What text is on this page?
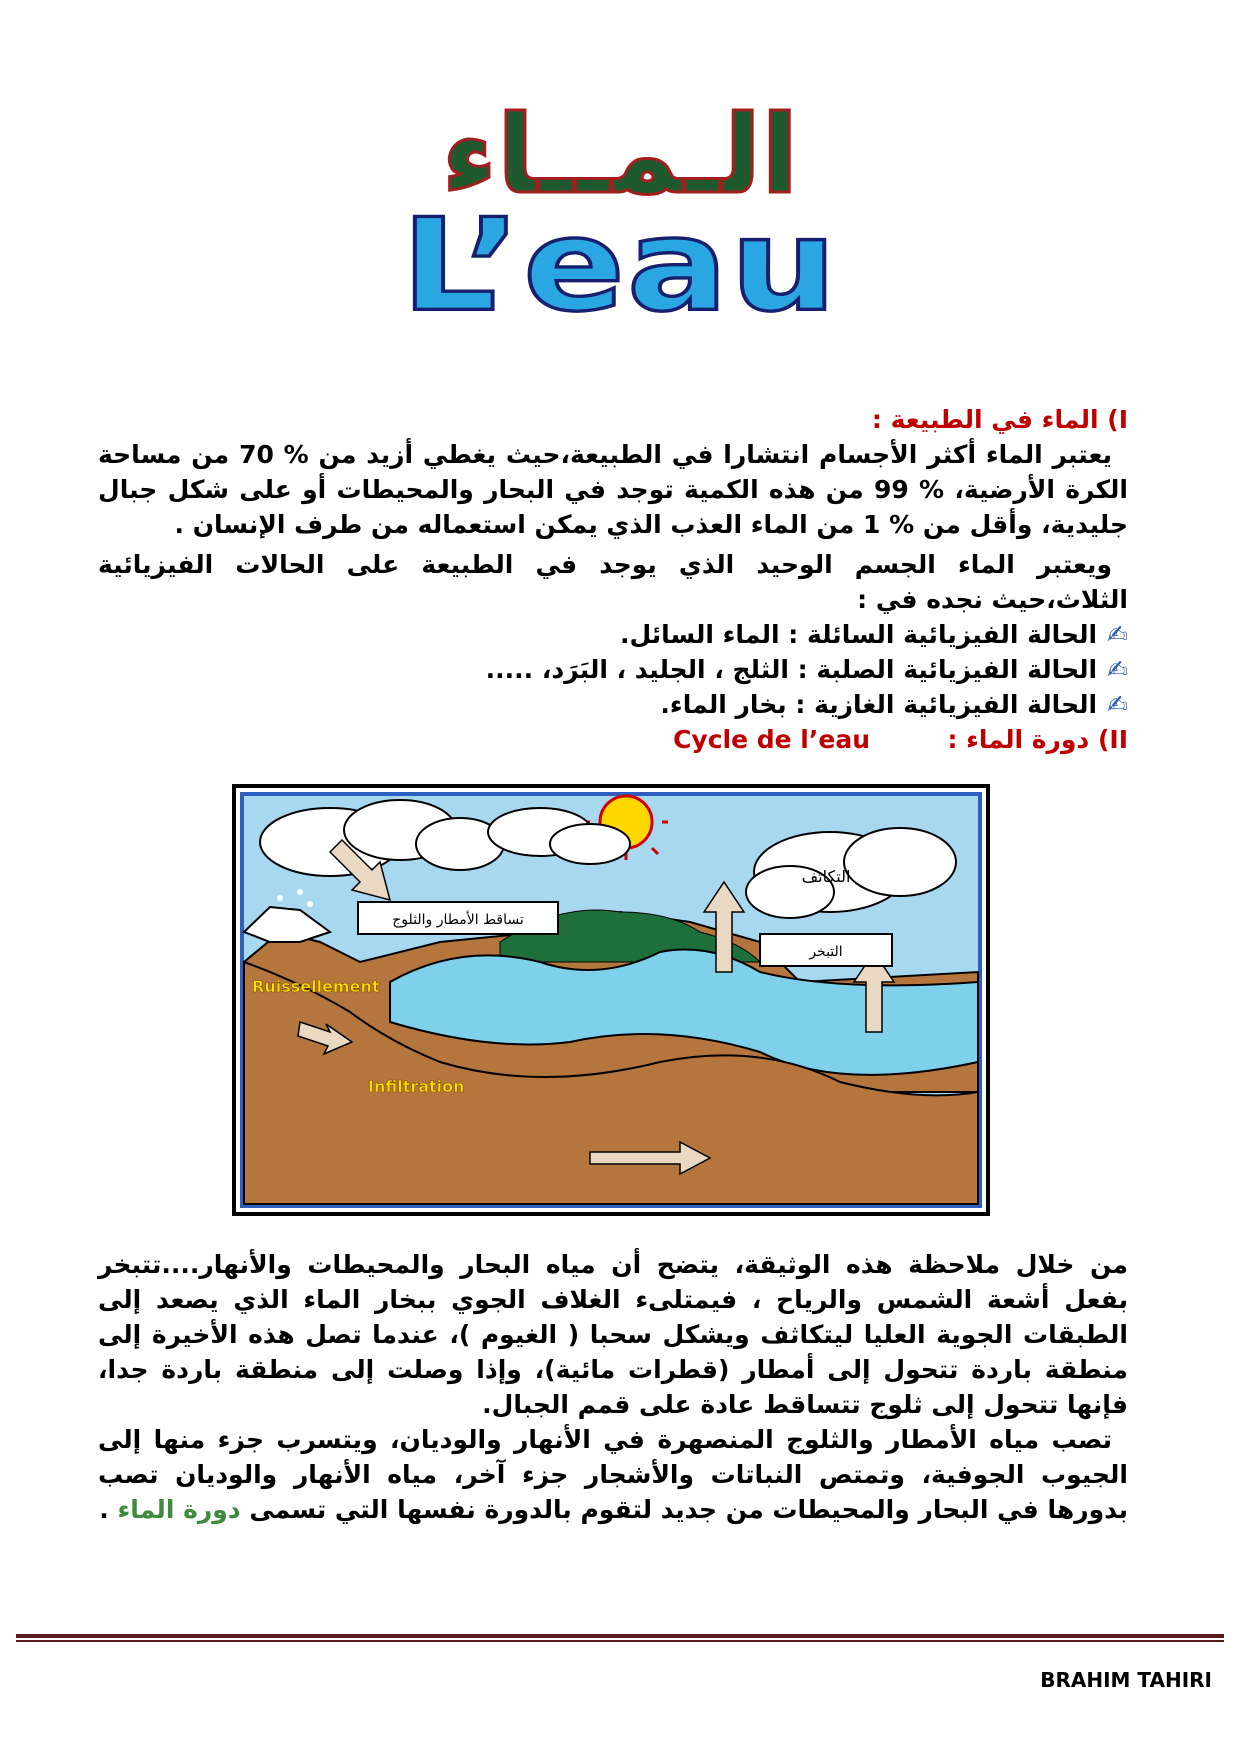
الـمــاء
L’eau
I) الماء في الطبيعة :
يعتبر الماء أكثر الأجسام انتشارا في الطبيعة،حيث يغطي أزيد من % 70 من مساحة الكرة الأرضية، % 99 من هذه الكمية توجد في البحار والمحيطات أو على شكل جبال جليدية، وأقل من % 1 من الماء العذب الذي يمكن استعماله من طرف الإنسان .
ويعتبر الماء الجسم الوحيد الذي يوجد في الطبيعة على الحالات الفيزيائية الثلاث،حيث نجده في :
✍الحالة الفيزيائية السائلة : الماء السائل.
✍الحالة الفيزيائية الصلبة : الثلج ، الجليد ، البَرَد، .....
✍الحالة الفيزيائية الغازية : بخار الماء.
II) دورة الماء :  Cycle de l’eau
تساقط الأمطار والثلوج
التكاثف
التبخر
Ruissellement
Infiltration
من خلال ملاحظة هذه الوثيقة، يتضح أن مياه البحار والمحيطات والأنهار....تتبخر بفعل أشعة الشمس والرياح ، فيمتلىء الغلاف الجوي ببخار الماء الذي يصعد إلى الطبقات الجوية العليا ليتكاثف ويشكل سحبا ( الغيوم )، عندما تصل هذه الأخيرة إلى منطقة باردة تتحول إلى أمطار (قطرات مائية)، وإذا وصلت إلى منطقة باردة جدا، فإنها تتحول إلى ثلوج تتساقط عادة على قمم الجبال.
تصب مياه الأمطار والثلوج المنصهرة في الأنهار والوديان، ويتسرب جزء منها إلى الجيوب الجوفية، وتمتص النباتات والأشجار جزء آخر، مياه الأنهار والوديان تصب بدورها في البحار والمحيطات من جديد لتقوم بالدورة نفسها التي تسمى دورة الماء .
BRAHIM TAHIRI
